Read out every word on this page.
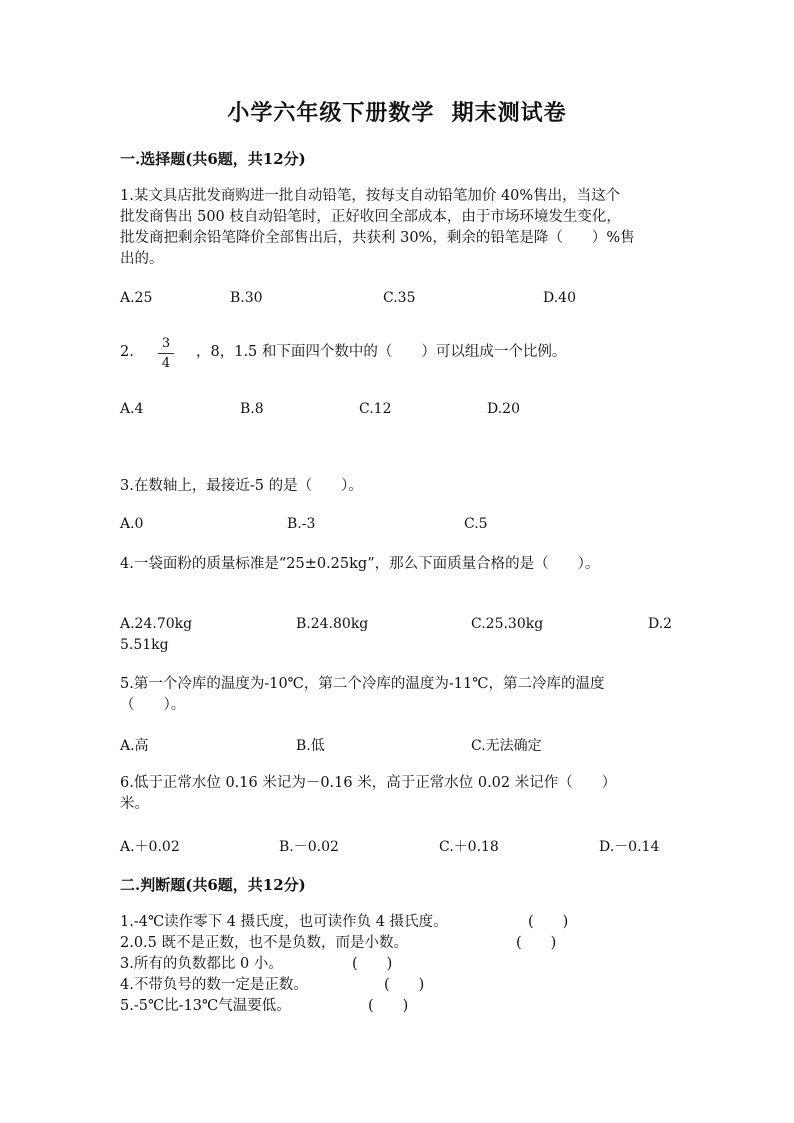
小学六年级下册数学  期末测试卷
一.选择题(共6题，共12分)
1.某文具店批发商购进一批自动铅笔，按每支自动铅笔加价 40%售出，当这个
批发商售出 500 枝自动铅笔时，正好收回全部成本，由于市场环境发生变化，
批发商把剩余铅笔降价全部售出后，共获利 30%，剩余的铅笔是降（　　）%售
出的。
A.25	B.30	C.35	D.40
2.
3
4
，8，1.5 和下面四个数中的（　　）可以组成一个比例。
A.4	B.8	C.12	D.20
3.在数轴上，最接近-5 的是（　　）。
A.0	B.-3	C.5
4.一袋面粉的质量标准是“25±0.25kg”，那么下面质量合格的是（　　）。
A.24.70kg	B.24.80kg	C.25.30kg	D.2
5.51kg
5.第一个冷库的温度为-10℃，第二个冷库的温度为-11℃，第二冷库的温度
（　　）。
A.高	B.低	C.无法确定
6.低于正常水位 0.16 米记为－0.16 米，高于正常水位 0.02 米记作（　　）
米。
A.＋0.02	B.－0.02	C.＋0.18	D.－0.14
二.判断题(共6题，共12分)
1.-4℃读作零下 4 摄氏度，也可读作负 4 摄氏度。	(　　)
2.0.5 既不是正数，也不是负数，而是小数。	(　　)
3.所有的负数都比 0 小。	(　　)
4.不带负号的数一定是正数。	(　　)
5.-5℃比-13℃气温要低。	(　　)
